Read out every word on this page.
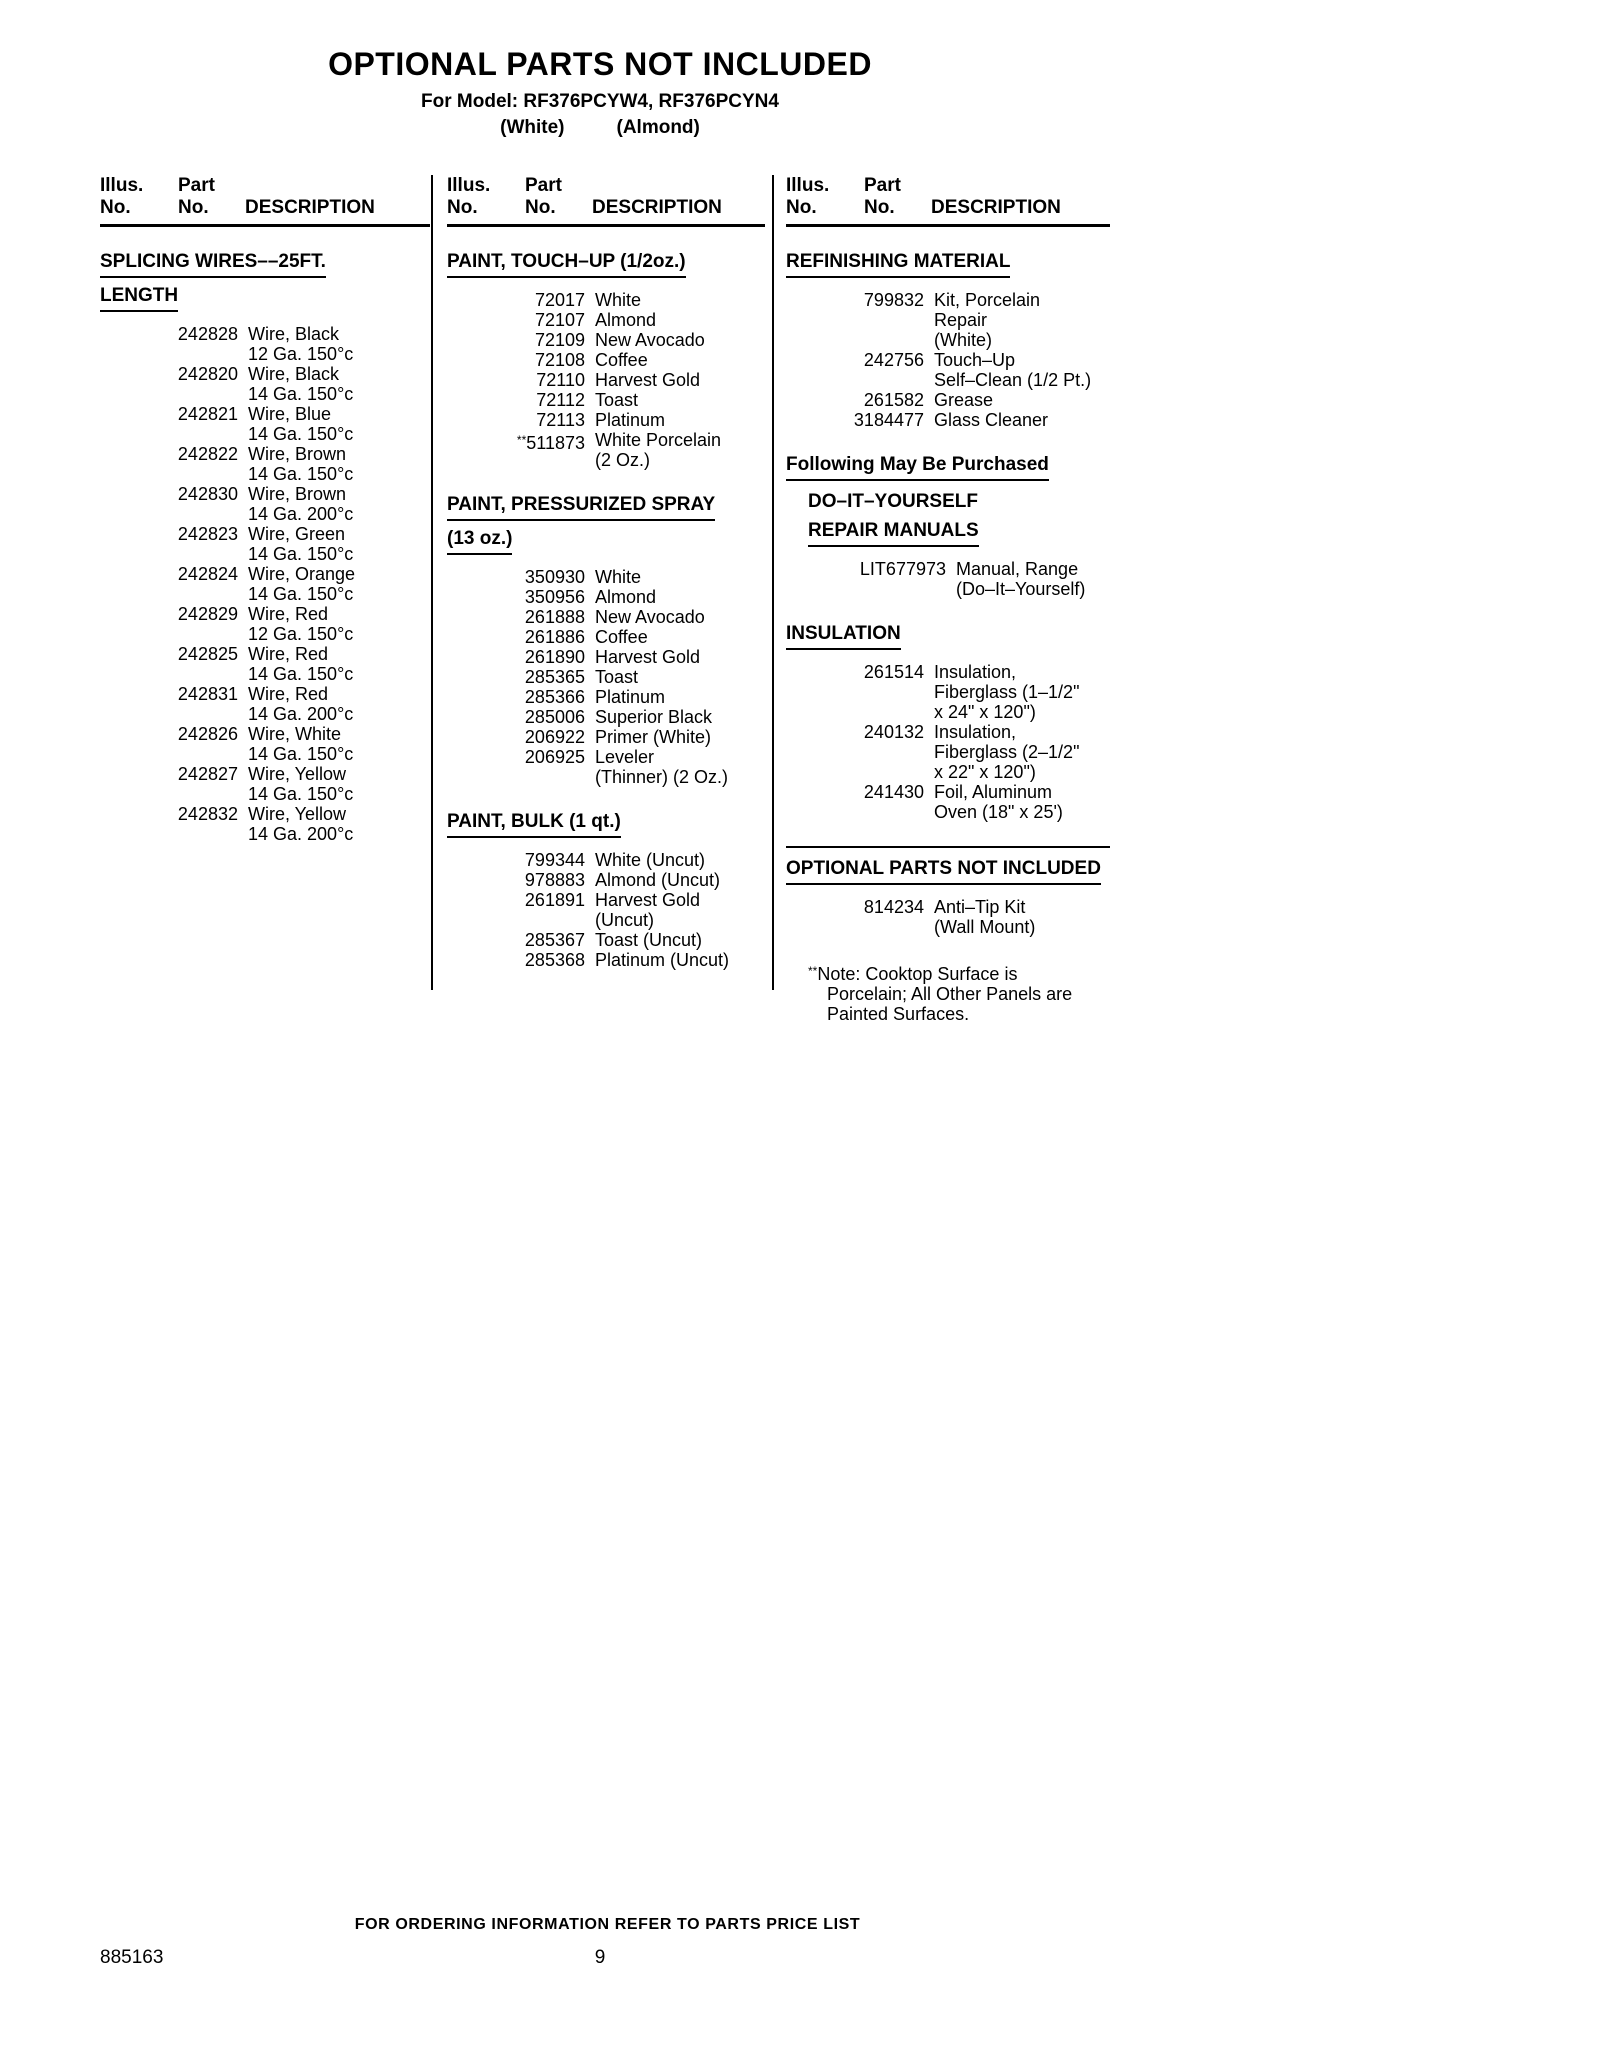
OPTIONAL PARTS NOT INCLUDED
For Model: RF376PCYW4, RF376PCYN4
(White)	(Almond)
Illus. Part
No. No. DESCRIPTION
SPLICING WIRES––25FT.
LENGTH
242828 Wire, Black
12 Ga. 150°c
242820 Wire, Black
14 Ga. 150°c
242821 Wire, Blue
14 Ga. 150°c
242822 Wire, Brown
14 Ga. 150°c
242830 Wire, Brown
14 Ga. 200°c
242823 Wire, Green
14 Ga. 150°c
242824 Wire, Orange
14 Ga. 150°c
242829 Wire, Red
12 Ga. 150°c
242825 Wire, Red
14 Ga. 150°c
242831 Wire, Red
14 Ga. 200°c
242826 Wire, White
14 Ga. 150°c
242827 Wire, Yellow
14 Ga. 150°c
242832 Wire, Yellow
14 Ga. 200°c
Illus. Part
No. No. DESCRIPTION
PAINT, TOUCH–UP (1/2oz.)
72017 White
72107 Almond
72109 New Avocado
72108 Coffee
72110 Harvest Gold
72112 Toast
72113 Platinum
**511873 White Porcelain
(2 Oz.)
PAINT, PRESSURIZED SPRAY
(13 oz.)
350930 White
350956 Almond
261888 New Avocado
261886 Coffee
261890 Harvest Gold
285365 Toast
285366 Platinum
285006 Superior Black
206922 Primer (White)
206925 Leveler
(Thinner) (2 Oz.)
PAINT, BULK (1 qt.)
799344 White (Uncut)
978883 Almond (Uncut)
261891 Harvest Gold
(Uncut)
285367 Toast (Uncut)
285368 Platinum (Uncut)
Illus. Part
No. No. DESCRIPTION
REFINISHING MATERIAL
799832 Kit, Porcelain
Repair
(White)
242756 Touch–Up
Self–Clean (1/2 Pt.)
261582 Grease
3184477 Glass Cleaner
Following May Be Purchased
DO–IT–YOURSELF
REPAIR MANUALS
LIT677973 Manual, Range
(Do–It–Yourself)
INSULATION
261514 Insulation,
Fiberglass (1–1/2"
x 24" x 120")
240132 Insulation,
Fiberglass (2–1/2"
x 22" x 120")
241430 Foil, Aluminum
Oven (18" x 25')
OPTIONAL PARTS NOT INCLUDED
814234 Anti–Tip Kit
(Wall Mount)
**Note: Cooktop Surface is
Porcelain; All Other Panels are
Painted Surfaces.
FOR ORDERING INFORMATION REFER TO PARTS PRICE LIST
885163	9
